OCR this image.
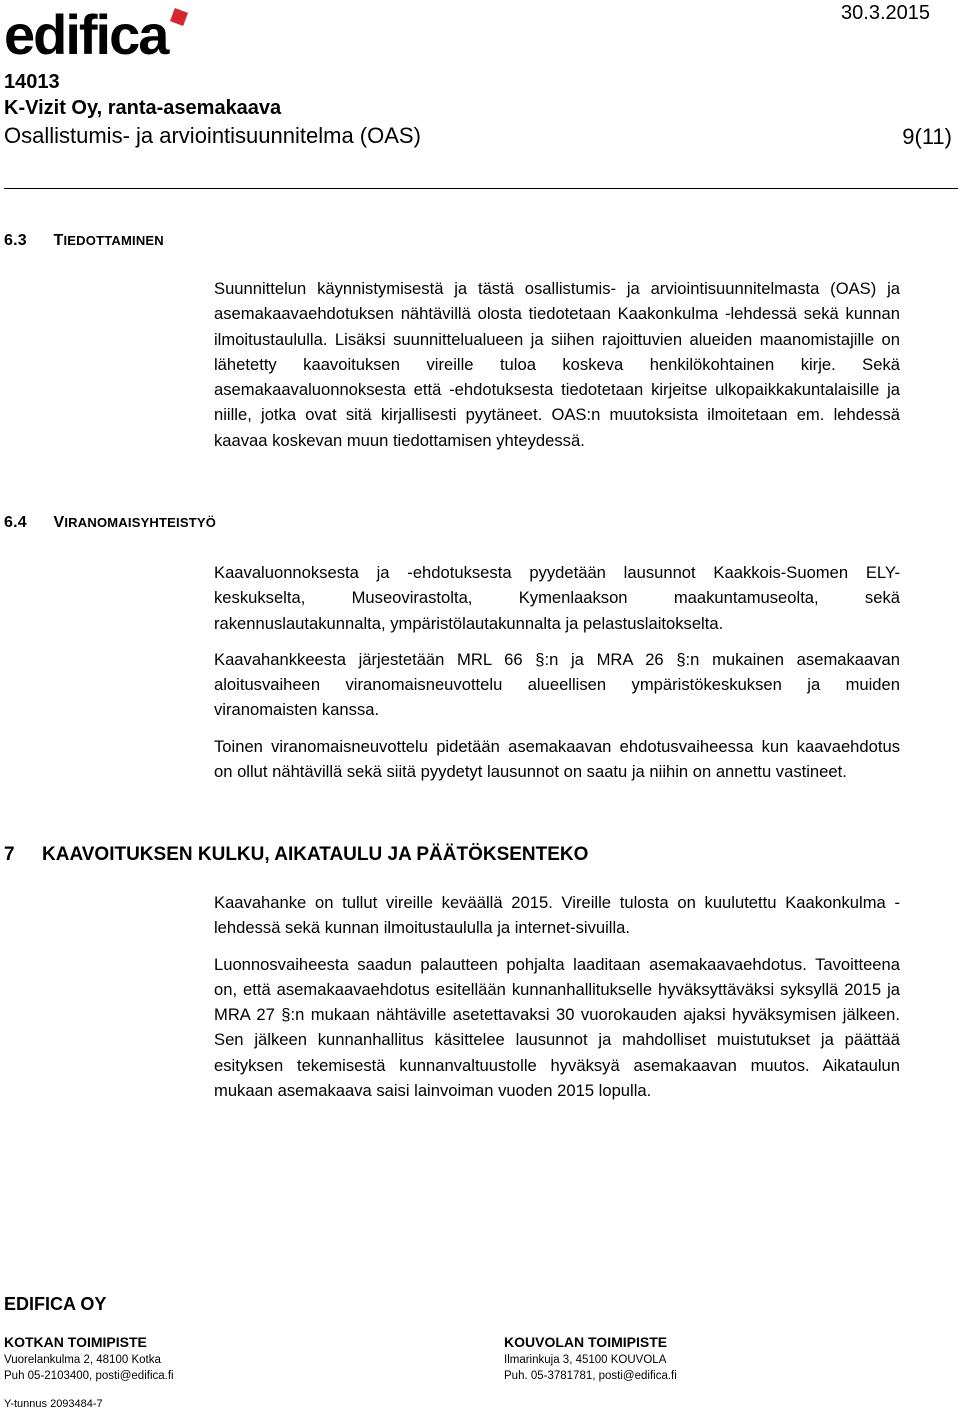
edifica	30.3.2015
14013
K-Vizit Oy, ranta-asemakaava
Osallistumis- ja arviointisuunnitelma (OAS)	9(11)
6.3 TIEDOTTAMINEN

Suunnittelun käynnistymisestä ja tästä osallistumis- ja arviointisuunnitelmasta (OAS) ja asemakaavaehdotuksen nähtävillä olosta tiedotetaan Kaakonkulma -lehdessä sekä kunnan ilmoitustaululla. Lisäksi suunnittelualueen ja siihen rajoittuvien alueiden maanomistajille on lähetetty kaavoituksen vireille tuloa koskeva henkilökohtainen kirje. Sekä asemakaavaluonnoksesta että -ehdotuksesta tiedotetaan kirjeitse ulkopaikkakuntalaisille ja niille, jotka ovat sitä kirjallisesti pyytäneet. OAS:n muutoksista ilmoitetaan em. lehdessä kaavaa koskevan muun tiedottamisen yhteydessä.

6.4 VIRANOMAISYHTEISTYÖ

Kaavaluonnoksesta ja -ehdotuksesta pyydetään lausunnot Kaakkois-Suomen ELY-keskukselta, Museovirastolta, Kymenlaakson maakuntamuseolta, sekä rakennuslautakunnalta, ympäristölautakunnalta ja pelastuslaitokselta.

Kaavahankkeesta järjestetään MRL 66 §:n ja MRA 26 §:n mukainen asemakaavan aloitusvaiheen viranomaisneuvottelu alueellisen ympäristökeskuksen ja muiden viranomaisten kanssa.

Toinen viranomaisneuvottelu pidetään asemakaavan ehdotusvaiheessa kun kaavaehdotus on ollut nähtävillä sekä siitä pyydetyt lausunnot on saatu ja niihin on annettu vastineet.

7 KAAVOITUKSEN KULKU, AIKATAULU JA PÄÄTÖKSENTEKO

Kaavahanke on tullut vireille keväällä 2015. Vireille tulosta on kuulutettu Kaakonkulma -lehdessä sekä kunnan ilmoitustaululla ja internet-sivuilla.

Luonnosvaiheesta saadun palautteen pohjalta laaditaan asemakaavaehdotus. Tavoitteena on, että asemakaavaehdotus esitellään kunnanhallitukselle hyväksyttäväksi syksyllä 2015 ja MRA 27 §:n mukaan nähtäville asetettavaksi 30 vuorokauden ajaksi hyväksymisen jälkeen. Sen jälkeen kunnanhallitus käsittelee lausunnot ja mahdolliset muistutukset ja päättää esityksen tekemisestä kunnanvaltuustolle hyväksyä asemakaavan muutos. Aikataulun mukaan asemakaava saisi lainvoiman vuoden 2015 lopulla.

EDIFICA OY
KOTKAN TOIMIPISTE
Vuorelankulma 2, 48100 Kotka
Puh 05-2103400, posti@edifica.fi
KOUVOLAN TOIMIPISTE
Ilmarinkuja 3, 45100 KOUVOLA
Puh. 05-3781781, posti@edifica.fi
Y-tunnus 2093484-7
